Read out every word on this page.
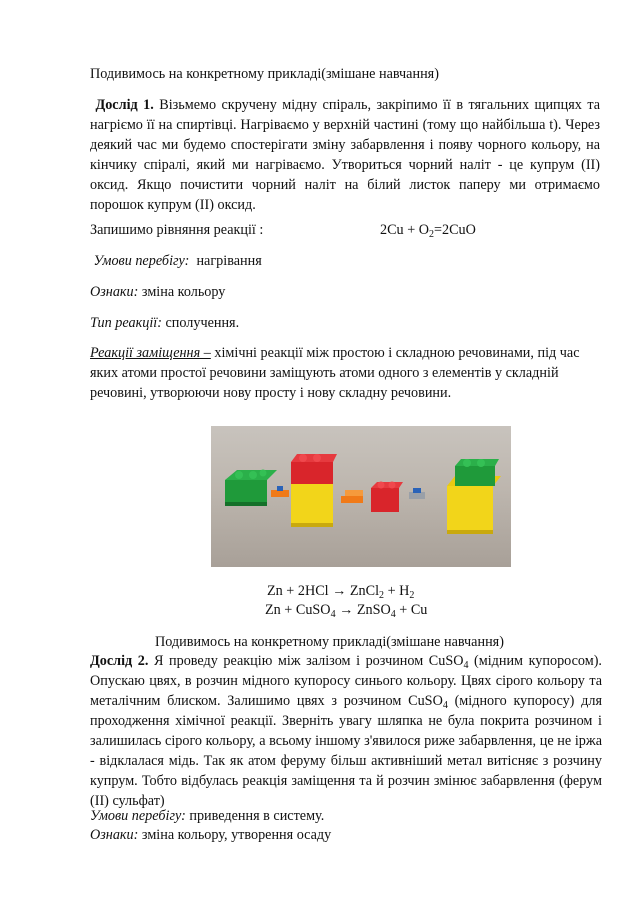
Подивимось на конкретному прикладі(змішане навчання)
Дослід 1. Візьмемо скручену мідну спіраль, закріпимо її в тягальних щипцях та нагріємо її на спиртівці. Нагріваємо у верхній частині (тому що найбільша t). Через деякий час ми будемо спостерігати зміну забарвлення і появу чорного кольору, на кінчику спіралі, який ми нагріваємо. Утвориться чорний наліт - це купрум (ІІ) оксид. Якщо почистити чорний наліт на білий листок паперу ми отримаємо порошок купрум (ІІ) оксид.
Запишимо рівняння реакції :	$2Cu + O_2=2CuO$
Умови перебігу:  нагрівання
Ознаки: зміна кольору
Тип реакції: сполучення.
Реакції заміщення – хімічні реакції між простою і складною речовинами, під час яких атоми простої речовини заміщують атоми одного з елементів у складній речовині, утворюючи нову просту і нову складну речовини.
Zn + 2HCl → ZnCl$_2$ + $H_2$
Zn + CuSO$_4$ → ZnSO$_4$ + Cu
Подивимось на конкретному прикладі(змішане навчання)
Дослід 2. Я проведу реакцію між залізом і розчином CuSO$_4$ (мідним купоросом). Опускаю цвях, в розчин мідного купоросу синього кольору. Цвях сірого кольору та металічним блиском. Залишимо цвях з розчином CuSO$_4$ (мідного купоросу) для проходження хімічної реакції. Зверніть увагу шляпка не була покрита розчином і залишилась сірого кольору, а всьому іншому з'явилося риже забарвлення, це не іржа - відклалася мідь. Так як атом феруму більш активніший метал витісняє з розчину купрум. Тобто відбулась реакція заміщення та й розчин змінює забарвлення (ферум (ІІ) сульфат)
Умови перебігу: приведення в систему.
Ознаки: зміна кольору, утворення осаду
